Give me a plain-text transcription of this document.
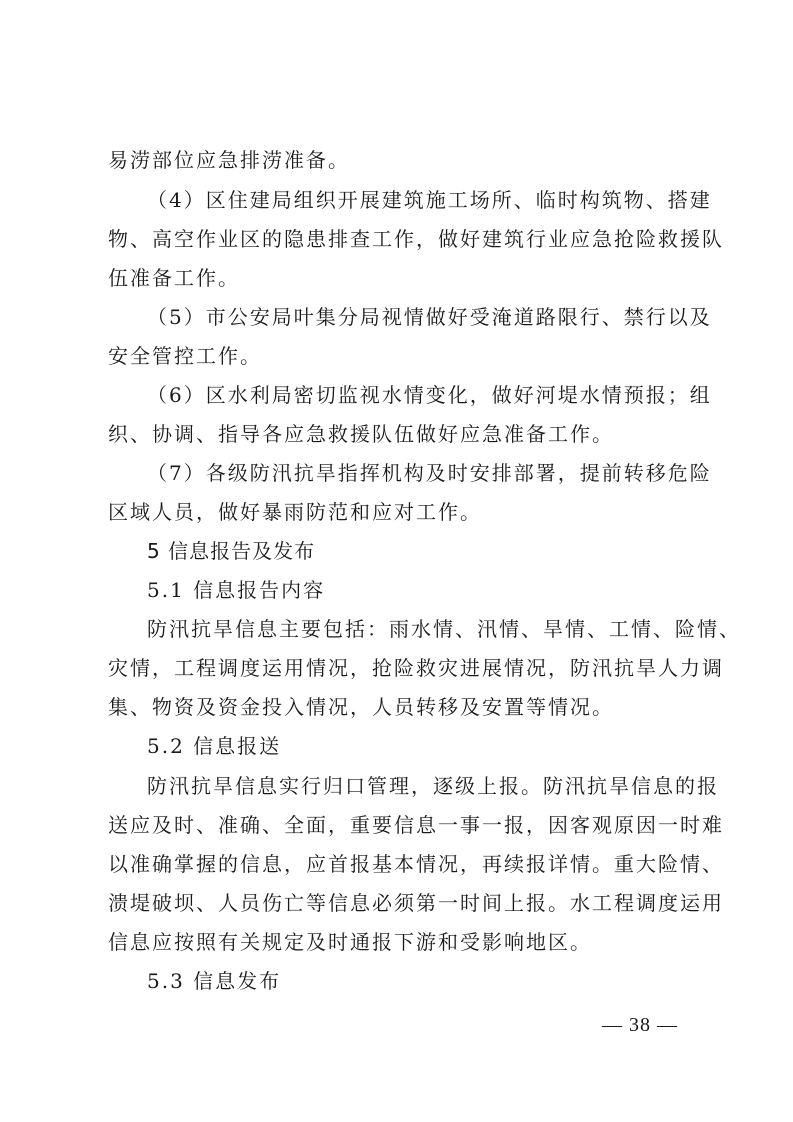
易涝部位应急排涝准备。
（4）区住建局组织开展建筑施工场所、临时构筑物、搭建
物、高空作业区的隐患排查工作，做好建筑行业应急抢险救援队
伍准备工作。
（5）市公安局叶集分局视情做好受淹道路限行、禁行以及
安全管控工作。
（6）区水利局密切监视水情变化，做好河堤水情预报；组
织、协调、指导各应急救援队伍做好应急准备工作。
（7）各级防汛抗旱指挥机构及时安排部署，提前转移危险
区域人员，做好暴雨防范和应对工作。
5 信息报告及发布
5.1 信息报告内容
防汛抗旱信息主要包括：雨水情、汛情、旱情、工情、险情、
灾情，工程调度运用情况，抢险救灾进展情况，防汛抗旱人力调
集、物资及资金投入情况，人员转移及安置等情况。
5.2 信息报送
防汛抗旱信息实行归口管理，逐级上报。防汛抗旱信息的报
送应及时、准确、全面，重要信息一事一报，因客观原因一时难
以准确掌握的信息，应首报基本情况，再续报详情。重大险情、
溃堤破坝、人员伤亡等信息必须第一时间上报。水工程调度运用
信息应按照有关规定及时通报下游和受影响地区。
5.3 信息发布
— 38 —
